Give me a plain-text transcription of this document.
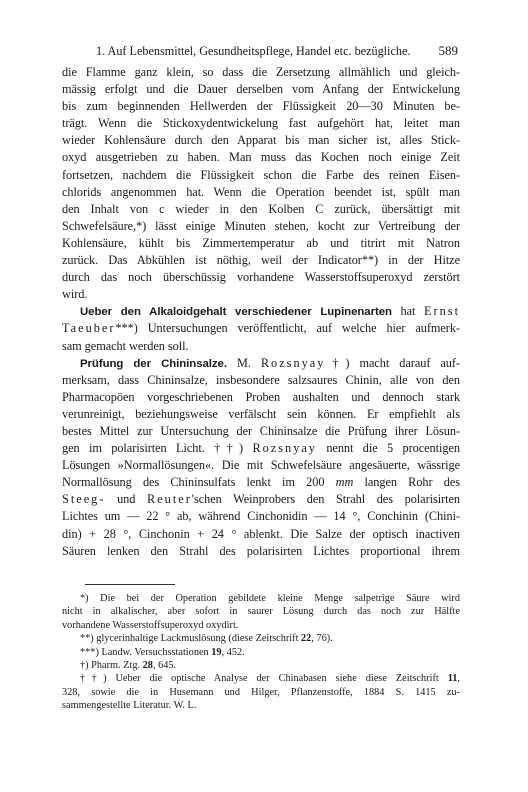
1. Auf Lebensmittel, Gesundheitspflege, Handel etc. bezügliche. 589
die Flamme ganz klein, so dass die Zersetzung allmählich und gleich-
mässig erfolgt und die Dauer derselben vom Anfang der Entwickelung
bis zum beginnenden Hellwerden der Flüssigkeit 20—30 Minuten be-
trägt. Wenn die Stickoxydentwickelung fast aufgehört hat, leitet man
wieder Kohlensäure durch den Apparat bis man sicher ist, alles Stick-
oxyd ausgetrieben zu haben. Man muss das Kochen noch einige Zeit
fortsetzen, nachdem die Flüssigkeit schon die Farbe des reinen Eisen-
chlorids angenommen hat. Wenn die Operation beendet ist, spült man
den Inhalt von c wieder in den Kolben C zurück, übersättigt mit
Schwefelsäure,*) lässt einige Minuten stehen, kocht zur Vertreibung der
Kohlensäure, kühlt bis Zimmertemperatur ab und titrirt mit Natron
zurück. Das Abkühlen ist nöthig, weil der Indicator**) in der Hitze
durch das noch überschüssig vorhandene Wasserstoffsuperoxyd zerstört
wird.
Ueber den Alkaloidgehalt verschiedener Lupinenarten hat Ernst
Taeuber***) Untersuchungen veröffentlicht, auf welche hier aufmerk-
sam gemacht werden soll.
Prüfung der Chininsalze. M. Rozsnyay†) macht darauf auf-
merksam, dass Chininsalze, insbesondere salzsaures Chinin, alle von den
Pharmacopöen vorgeschriebenen Proben aushalten und dennoch stark
verunreinigt, beziehungsweise verfälscht sein können. Er empfiehlt als
bestes Mittel zur Untersuchung der Chininsalze die Prüfung ihrer Lösun-
gen im polarisirten Licht. ††) Rozsnyay nennt die 5 procentigen
Lösungen »Normallösungen«. Die mit Schwefelsäure angesäuerte, wässrige
Normallösung des Chininsulfats lenkt im 200 mm langen Rohr des
Steeg- und Reuter'schen Weinprobers den Strahl des polarisirten
Lichtes um — 22 ° ab, während Cinchonidin — 14 °, Conchinin (Chini-
din) + 28 °, Cinchonin + 24 ° ablenkt. Die Salze der optisch inactiven
Säuren lenken den Strahl des polarisirten Lichtes proportional ihrem
*) Die bei der Operation gebildete kleine Menge salpetrige Säure wird
nicht in alkalischer, aber sofort in saurer Lösung durch das noch zur Hälfte
vorhandene Wasserstoffsuperoxyd oxydirt.
**) glycerinhaltige Lackmuslösung (diese Zeitschrift 22, 76).
***) Landw. Versuchsstationen 19, 452.
†) Pharm. Ztg. 28, 645.
††) Ueber die optische Analyse der Chinabasen siehe diese Zeitschrift 11,
328, sowie die in Husemann und Hilger, Pflanzenstoffe, 1884 S. 1415 zu-
sammengestellte Literatur. W. L.
